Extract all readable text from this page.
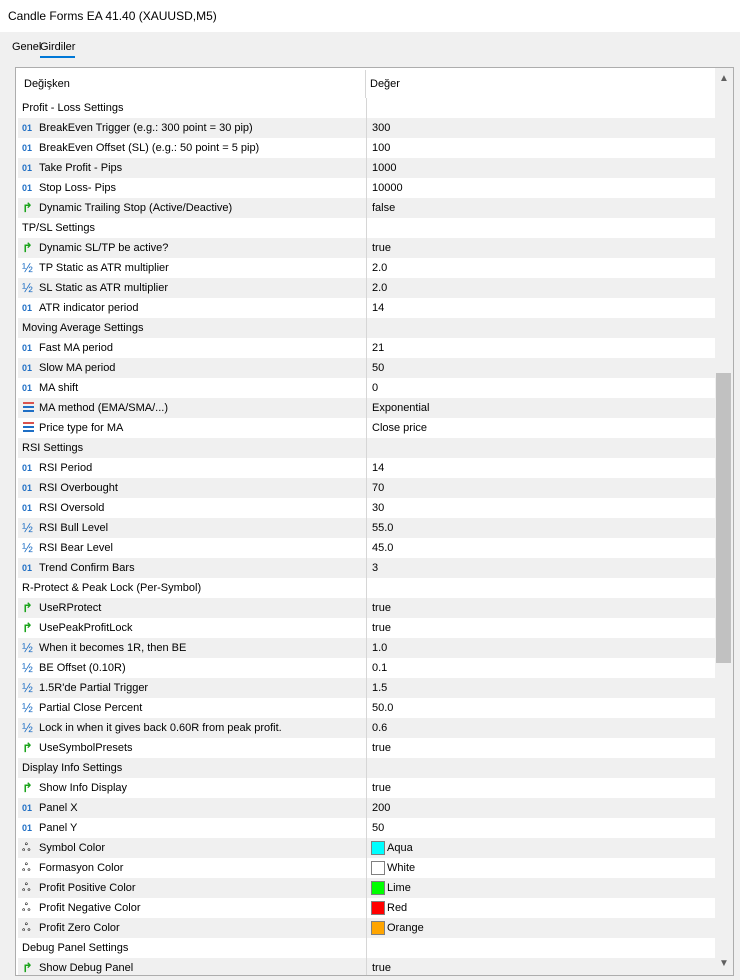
Candle Forms EA 41.40 (XAUUSD,M5)
Genel
Girdiler
Değişken	Değer
Profit - Loss Settings
01 BreakEven Trigger (e.g.: 300 point = 30 pip)	300
01 BreakEven Offset (SL) (e.g.: 50 point = 5 pip)	100
01 Take Profit - Pips	1000
01 Stop Loss- Pips	10000
↱ Dynamic Trailing Stop (Active/Deactive)	false
TP/SL Settings
↱ Dynamic SL/TP be active?	true
½ TP Static as ATR multiplier	2.0
½ SL Static as ATR multiplier	2.0
01 ATR indicator period	14
Moving Average Settings
01 Fast MA period	21
01 Slow MA period	50
01 MA shift	0
MA method (EMA/SMA/...)	Exponential
Price type for MA	Close price
RSI Settings
01 RSI Period	14
01 RSI Overbought	70
01 RSI Oversold	30
½ RSI Bull Level	55.0
½ RSI Bear Level	45.0
01 Trend Confirm Bars	3
R-Protect & Peak Lock (Per-Symbol)
↱ UseRProtect	true
↱ UsePeakProfitLock	true
½ When it becomes 1R, then BE	1.0
½ BE Offset (0.10R)	0.1
½ 1.5R'de Partial Trigger	1.5
½ Partial Close Percent	50.0
½ Lock in when it gives back 0.60R from peak profit.	0.6
↱ UseSymbolPresets	true
Display Info Settings
↱ Show Info Display	true
01 Panel X	200
01 Panel Y	50
ஃ Symbol Color	Aqua
ஃ Formasyon Color	White
ஃ Profit Positive Color	Lime
ஃ Profit Negative Color	Red
ஃ Profit Zero Color	Orange
Debug Panel Settings
↱ Show Debug Panel	true
▲
▼
